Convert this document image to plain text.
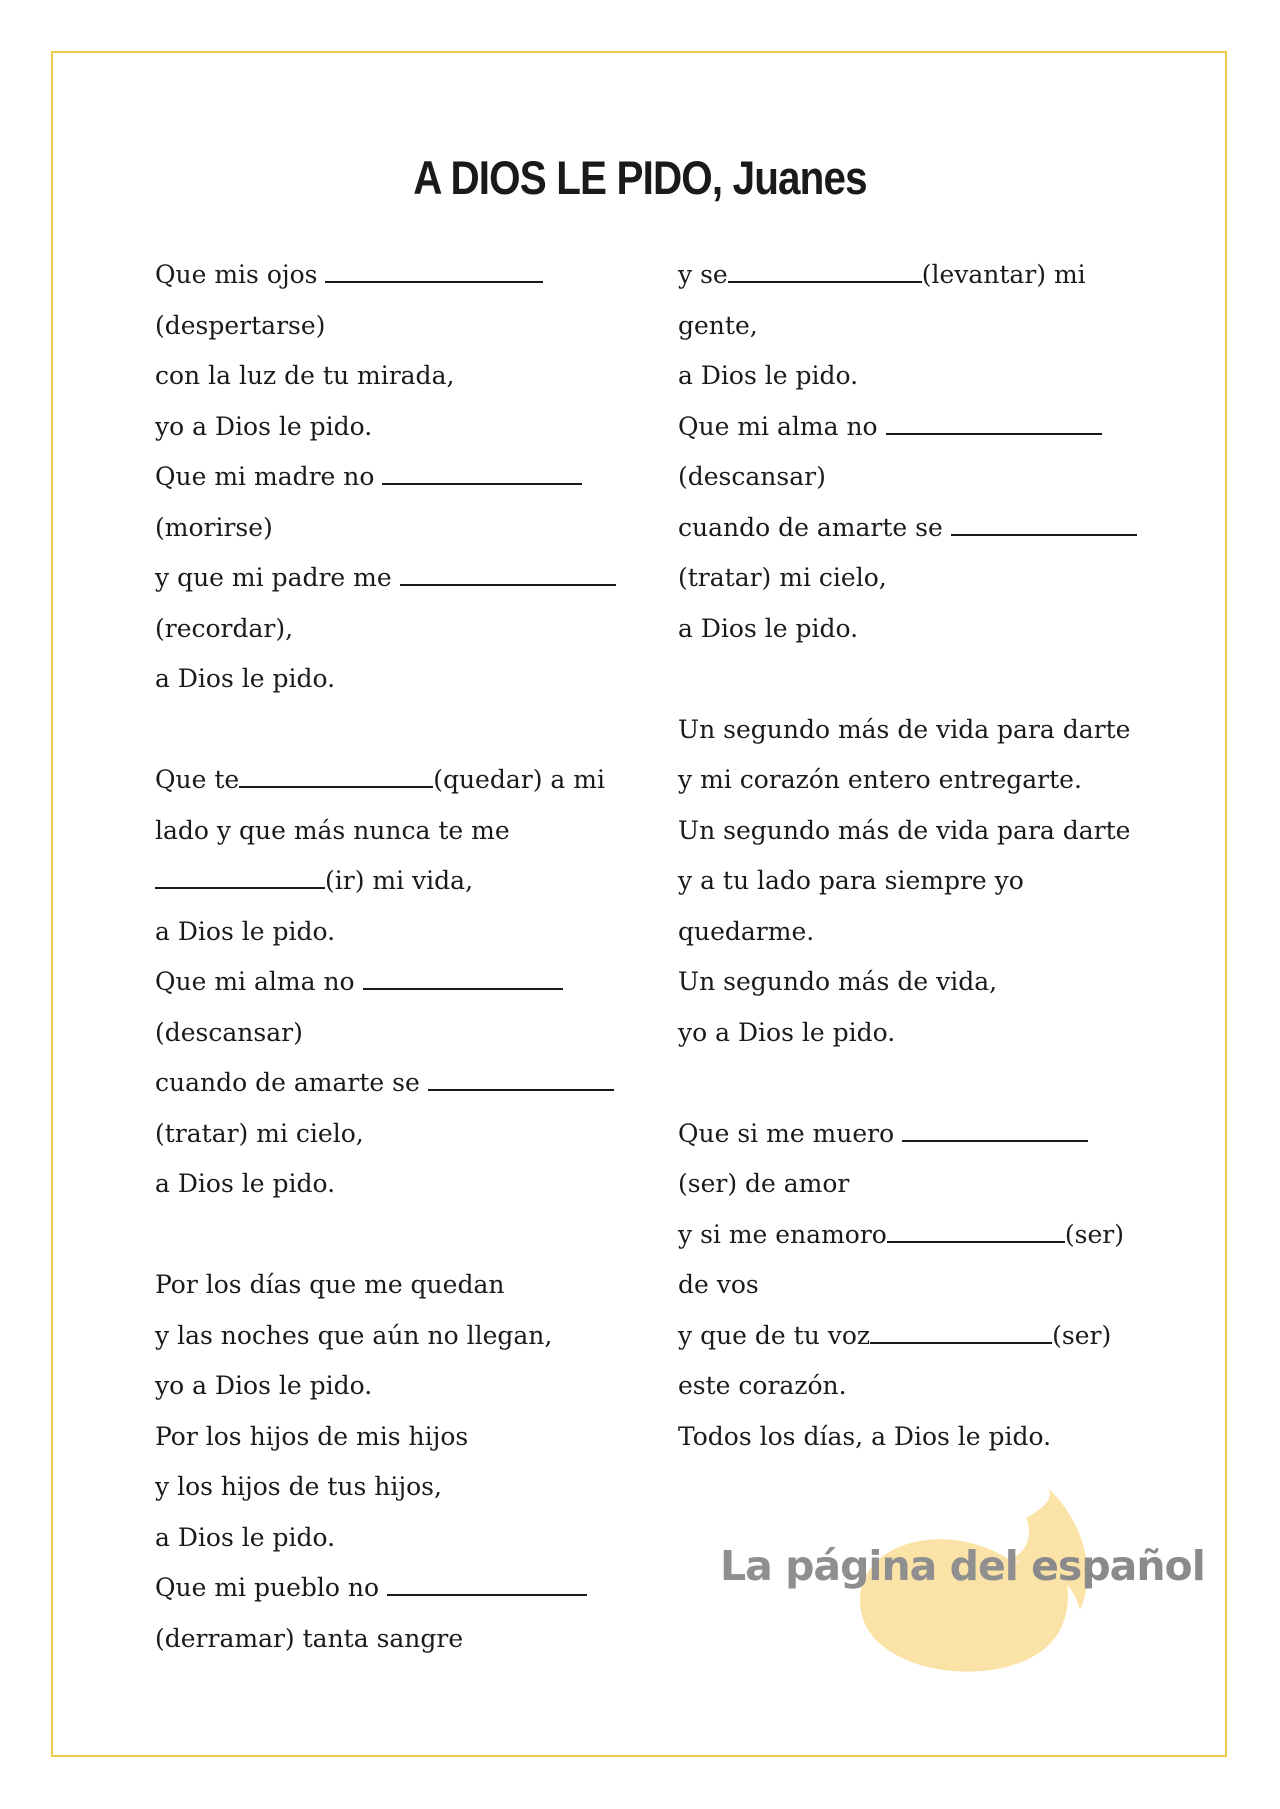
A DIOS LE PIDO, Juanes
Que mis ojos
(despertarse)
con la luz de tu mirada,
yo a Dios le pido.
Que mi madre no
(morirse)
y que mi padre me
(recordar),
a Dios le pido.
Que te	(quedar) a mi
lado y que más nunca te me
(ir) mi vida,
a Dios le pido.
Que mi alma no
(descansar)
cuando de amarte se
(tratar) mi cielo,
a Dios le pido.
Por los días que me quedan
y las noches que aún no llegan,
yo a Dios le pido.
Por los hijos de mis hijos
y los hijos de tus hijos,
a Dios le pido.
Que mi pueblo no
(derramar) tanta sangre
y se	(levantar) mi
gente,
a Dios le pido.
Que mi alma no
(descansar)
cuando de amarte se
(tratar) mi cielo,
a Dios le pido.
Un segundo más de vida para darte
y mi corazón entero entregarte.
Un segundo más de vida para darte
y a tu lado para siempre yo
quedarme.
Un segundo más de vida,
yo a Dios le pido.
Que si me muero
(ser) de amor
y si me enamoro	(ser)
de vos
y que de tu voz	(ser)
este corazón.
Todos los días, a Dios le pido.
La página del español
